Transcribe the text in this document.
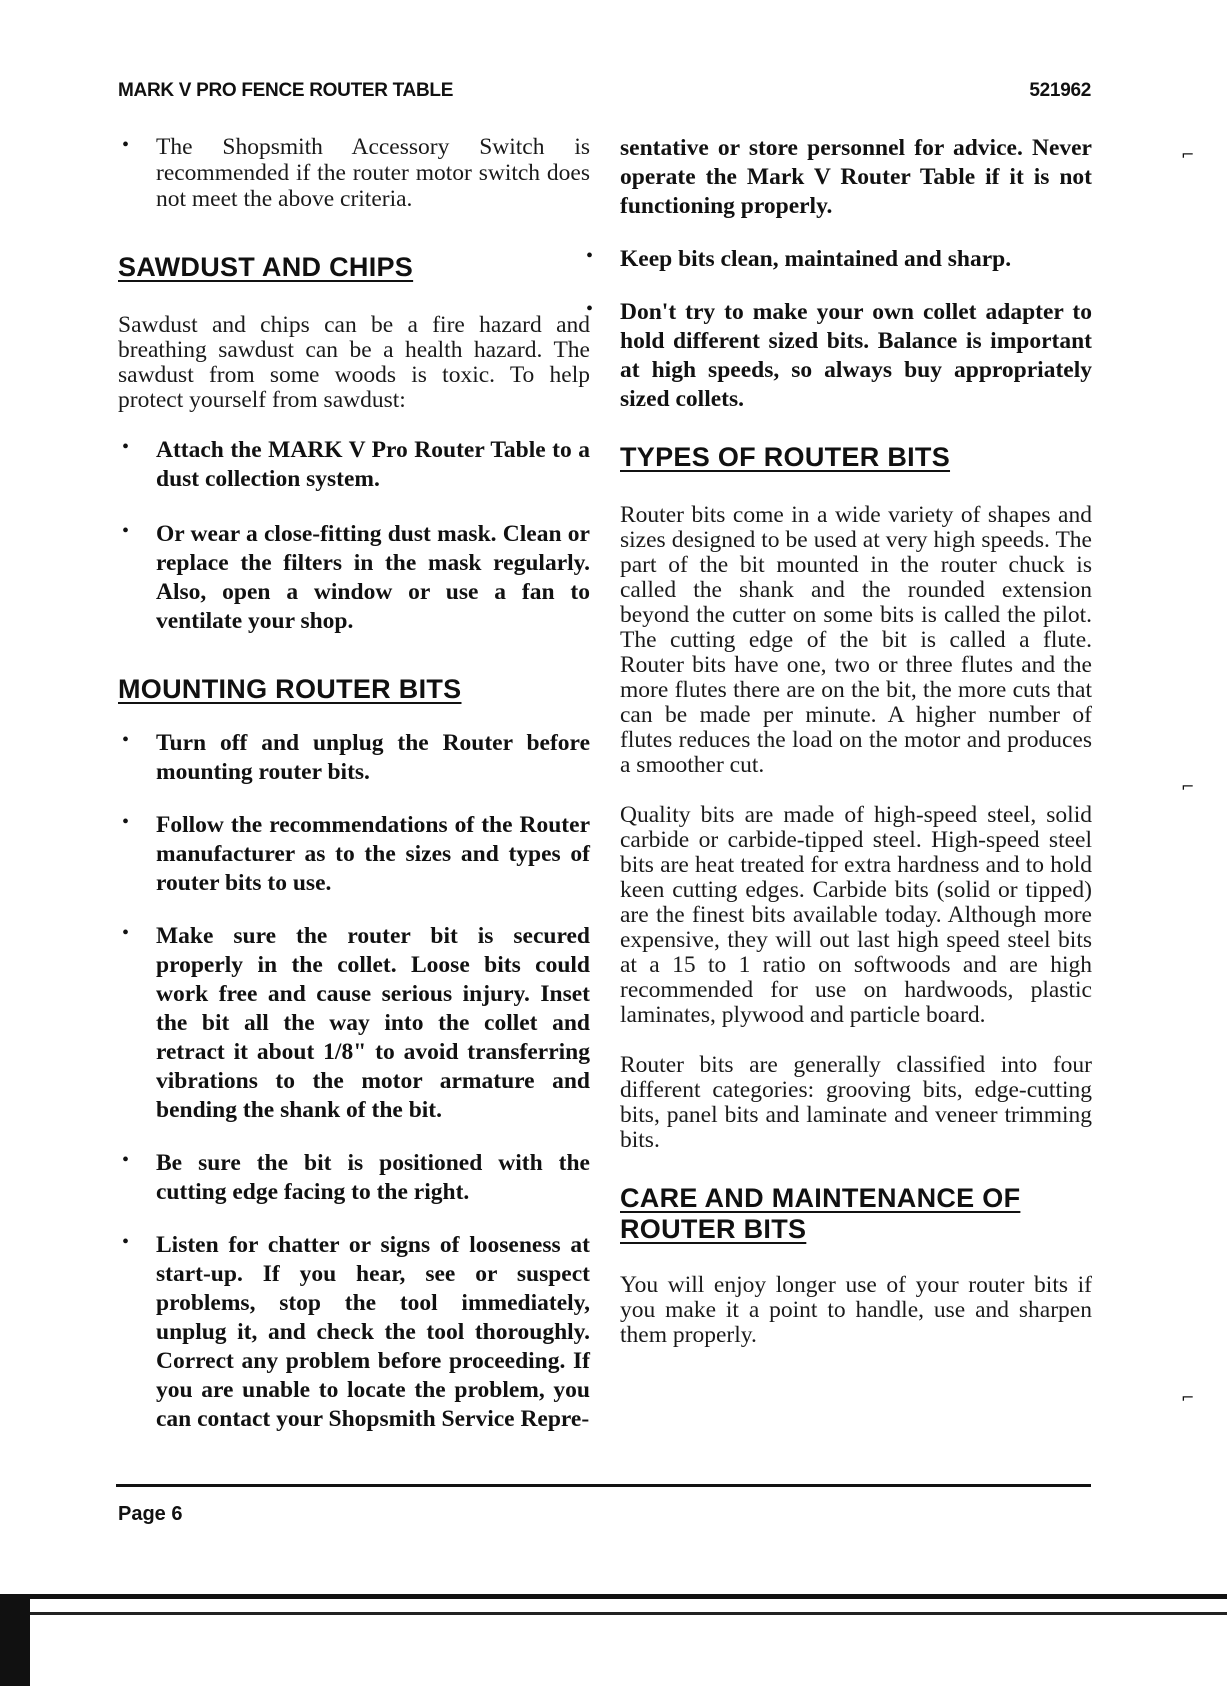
MARK V PRO FENCE ROUTER TABLE	521962
• The Shopsmith Accessory Switch is recommended if the router motor switch does not meet the above criteria.

SAWDUST AND CHIPS

Sawdust and chips can be a fire hazard and breathing sawdust can be a health hazard. The sawdust from some woods is toxic. To help protect yourself from sawdust:

• Attach the MARK V Pro Router Table to a dust collection system.

• Or wear a close-fitting dust mask. Clean or replace the filters in the mask regularly. Also, open a window or use a fan to ventilate your shop.

MOUNTING ROUTER BITS
• Turn off and unplug the Router before mounting router bits.

• Follow the recommendations of the Router manufacturer as to the sizes and types of router bits to use.

• Make sure the router bit is secured properly in the collet. Loose bits could work free and cause serious injury. Inset the bit all the way into the collet and retract it about 1/8" to avoid transferring vibrations to the motor armature and bending the shank of the bit.

• Be sure the bit is positioned with the cutting edge facing to the right.

• Listen for chatter or signs of looseness at start-up. If you hear, see or suspect problems, stop the tool immediately, unplug it, and check the tool thoroughly. Correct any problem before proceeding. If you are unable to locate the problem, you can contact your Shopsmith Service Repre-

sentative or store personnel for advice. Never operate the Mark V Router Table if it is not functioning properly.

• Keep bits clean, maintained and sharp.

• Don't try to make your own collet adapter to hold different sized bits. Balance is important at high speeds, so always buy appropriately sized collets.

TYPES OF ROUTER BITS

Router bits come in a wide variety of shapes and sizes designed to be used at very high speeds. The part of the bit mounted in the router chuck is called the shank and the rounded extension beyond the cutter on some bits is called the pilot. The cutting edge of the bit is called a flute. Router bits have one, two or three flutes and the more flutes there are on the bit, the more cuts that can be made per minute. A higher number of flutes reduces the load on the motor and produces a smoother cut.

Quality bits are made of high-speed steel, solid carbide or carbide-tipped steel. High-speed steel bits are heat treated for extra hardness and to hold keen cutting edges. Carbide bits (solid or tipped) are the finest bits available today. Although more expensive, they will out last high speed steel bits at a 15 to 1 ratio on softwoods and are high recommended for use on hardwoods, plastic laminates, plywood and particle board.

Router bits are generally classified into four different categories: grooving bits, edge-cutting bits, panel bits and laminate and veneer trimming bits.

CARE AND MAINTENANCE OF
ROUTER BITS

You will enjoy longer use of your router bits if you make it a point to handle, use and sharpen them properly.

⌐
⌐
⌐
Page 6
